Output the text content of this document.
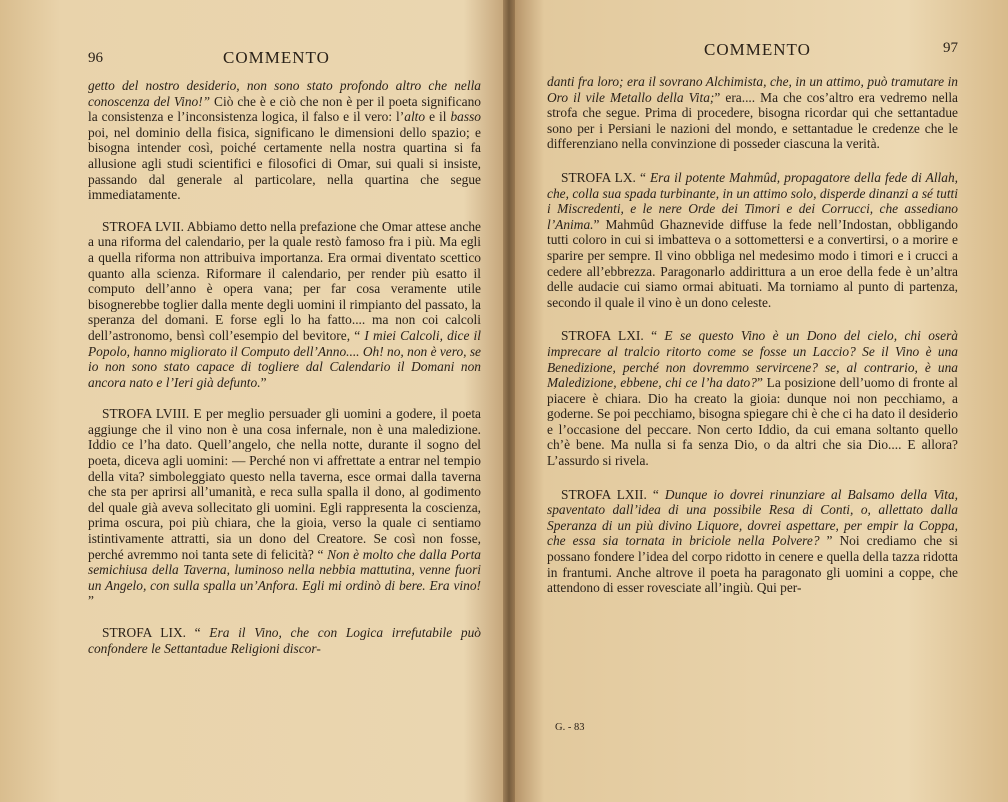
96	COMMENTO

getto del nostro desiderio, non sono stato profondo altro che nella conoscenza del Vino!” Ciò che è e ciò che non è per il poeta significano la consistenza e l’inconsistenza logica, il falso e il vero: l’alto e il basso poi, nel dominio della fisica, significano le dimensioni dello spazio; e bisogna intender così, poiché certamente nella nostra quartina si fa allusione agli studi scientifici e filosofici di Omar, sui quali si insiste, passando dal generale al particolare, nella quartina che segue immediatamente.

STROFA LVII. Abbiamo detto nella prefazione che Omar attese anche a una riforma del calendario, per la quale restò famoso fra i più. Ma egli a quella riforma non attribuiva importanza. Era ormai diventato scettico quanto alla scienza. Riformare il calendario, per render più esatto il computo dell’anno è opera vana; per far cosa veramente utile bisognerebbe toglier dalla mente degli uomini il rimpianto del passato, la speranza del domani. E forse egli lo ha fatto.... ma non coi calcoli dell’astronomo, bensì coll’esempio del bevitore, “ I miei Calcoli, dice il Popolo, hanno migliorato il Computo dell’Anno.... Oh! no, non è vero, se io non sono stato capace di togliere dal Calendario il Domani non ancora nato e l’Ieri già defunto.”

STROFA LVIII. E per meglio persuader gli uomini a godere, il poeta aggiunge che il vino non è una cosa infernale, non è una maledizione. Iddio ce l’ha dato. Quell’angelo, che nella notte, durante il sogno del poeta, diceva agli uomini: — Perché non vi affrettate a entrar nel tempio della vita? simboleggiato questo nella taverna, esce ormai dalla taverna che sta per aprirsi all’umanità, e reca sulla spalla il dono, al godimento del quale già aveva sollecitato gli uomini. Egli rappresenta la coscienza, prima oscura, poi più chiara, che la gioia, verso la quale ci sentiamo istintivamente attratti, sia un dono del Creatore. Se così non fosse, perché avremmo noi tanta sete di felicità? “ Non è molto che dalla Porta semichiusa della Taverna, luminoso nella nebbia mattutina, venne fuori un Angelo, con sulla spalla un’Anfora. Egli mi ordinò di bere. Era vino! ”

STROFA LIX. “ Era il Vino, che con Logica irrefutabile può confondere le Settantadue Religioni discor-

COMMENTO	97

danti fra loro; era il sovrano Alchimista, che, in un attimo, può tramutare in Oro il vile Metallo della Vita;” era.... Ma che cos’altro era vedremo nella strofa che segue. Prima di procedere, bisogna ricordar qui che settantadue sono per i Persiani le nazioni del mondo, e settantadue le credenze che le differenziano nella convinzione di posseder ciascuna la verità.

STROFA LX. “ Era il potente Mahmûd, propagatore della fede di Allah, che, colla sua spada turbinante, in un attimo solo, disperde dinanzi a sé tutti i Miscredenti, e le nere Orde dei Timori e dei Corrucci, che assediano l’Anima.” Mahmûd Ghaznevide diffuse la fede nell’Indostan, obbligando tutti coloro in cui si imbatteva o a sottomettersi e a convertirsi, o a morire e sparire per sempre. Il vino obbliga nel medesimo modo i timori e i crucci a cedere all’ebbrezza. Paragonarlo addirittura a un eroe della fede è un’altra delle audacie cui siamo ormai abituati. Ma torniamo al punto di partenza, secondo il quale il vino è un dono celeste.

STROFA LXI. “ E se questo Vino è un Dono del cielo, chi oserà imprecare al tralcio ritorto come se fosse un Laccio? Se il Vino è una Benedizione, perché non dovremmo servircene? se, al contrario, è una Maledizione, ebbene, chi ce l’ha dato?” La posizione dell’uomo di fronte al piacere è chiara. Dio ha creato la gioia: dunque noi non pecchiamo, a goderne. Se poi pecchiamo, bisogna spiegare chi è che ci ha dato il desiderio e l’occasione del peccare. Non certo Iddio, da cui emana soltanto quello ch’è bene. Ma nulla si fa senza Dio, o da altri che sia Dio.... E allora? L’assurdo si rivela.

STROFA LXII. “ Dunque io dovrei rinunziare al Balsamo della Vita, spaventato dall’idea di una possibile Resa di Conti, o, allettato dalla Speranza di un più divino Liquore, dovrei aspettare, per empir la Coppa, che essa sia tornata in briciole nella Polvere? ” Noi crediamo che si possano fondere l’idea del corpo ridotto in cenere e quella della tazza ridotta in frantumi. Anche altrove il poeta ha paragonato gli uomini a coppe, che attendono di esser rovesciate all’ingiù. Qui per-

G. - 83
